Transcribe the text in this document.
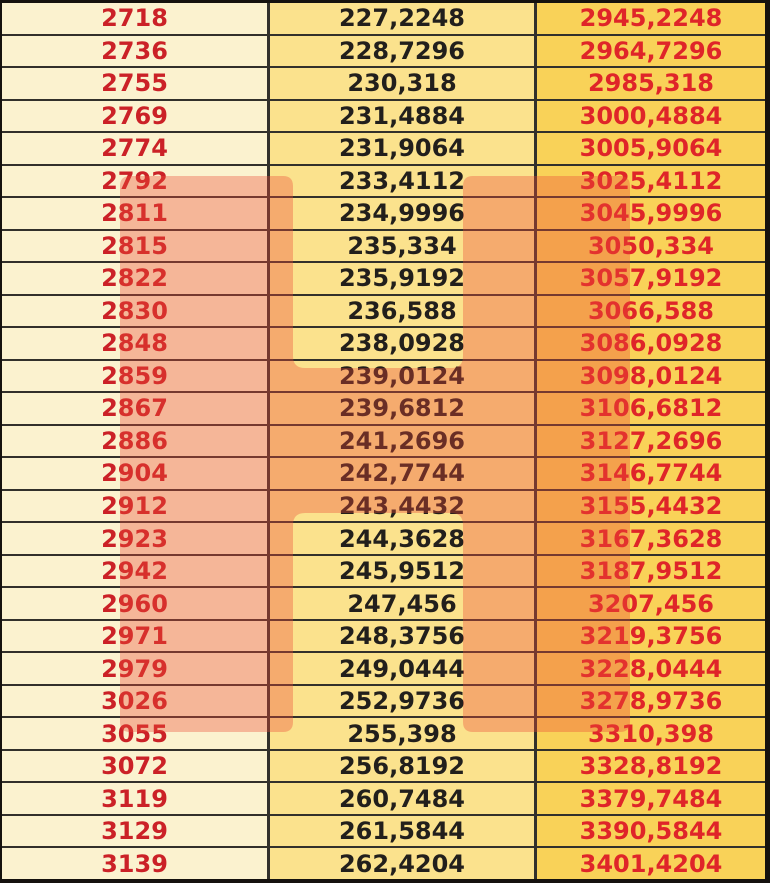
2718	227,2248	2945,2248
2736	228,7296	2964,7296
2755	230,318	2985,318
2769	231,4884	3000,4884
2774	231,9064	3005,9064
2792	233,4112	3025,4112
2811	234,9996	3045,9996
2815	235,334	3050,334
2822	235,9192	3057,9192
2830	236,588	3066,588
2848	238,0928	3086,0928
2859	239,0124	3098,0124
2867	239,6812	3106,6812
2886	241,2696	3127,2696
2904	242,7744	3146,7744
2912	243,4432	3155,4432
2923	244,3628	3167,3628
2942	245,9512	3187,9512
2960	247,456	3207,456
2971	248,3756	3219,3756
2979	249,0444	3228,0444
3026	252,9736	3278,9736
3055	255,398	3310,398
3072	256,8192	3328,8192
3119	260,7484	3379,7484
3129	261,5844	3390,5844
3139	262,4204	3401,4204
